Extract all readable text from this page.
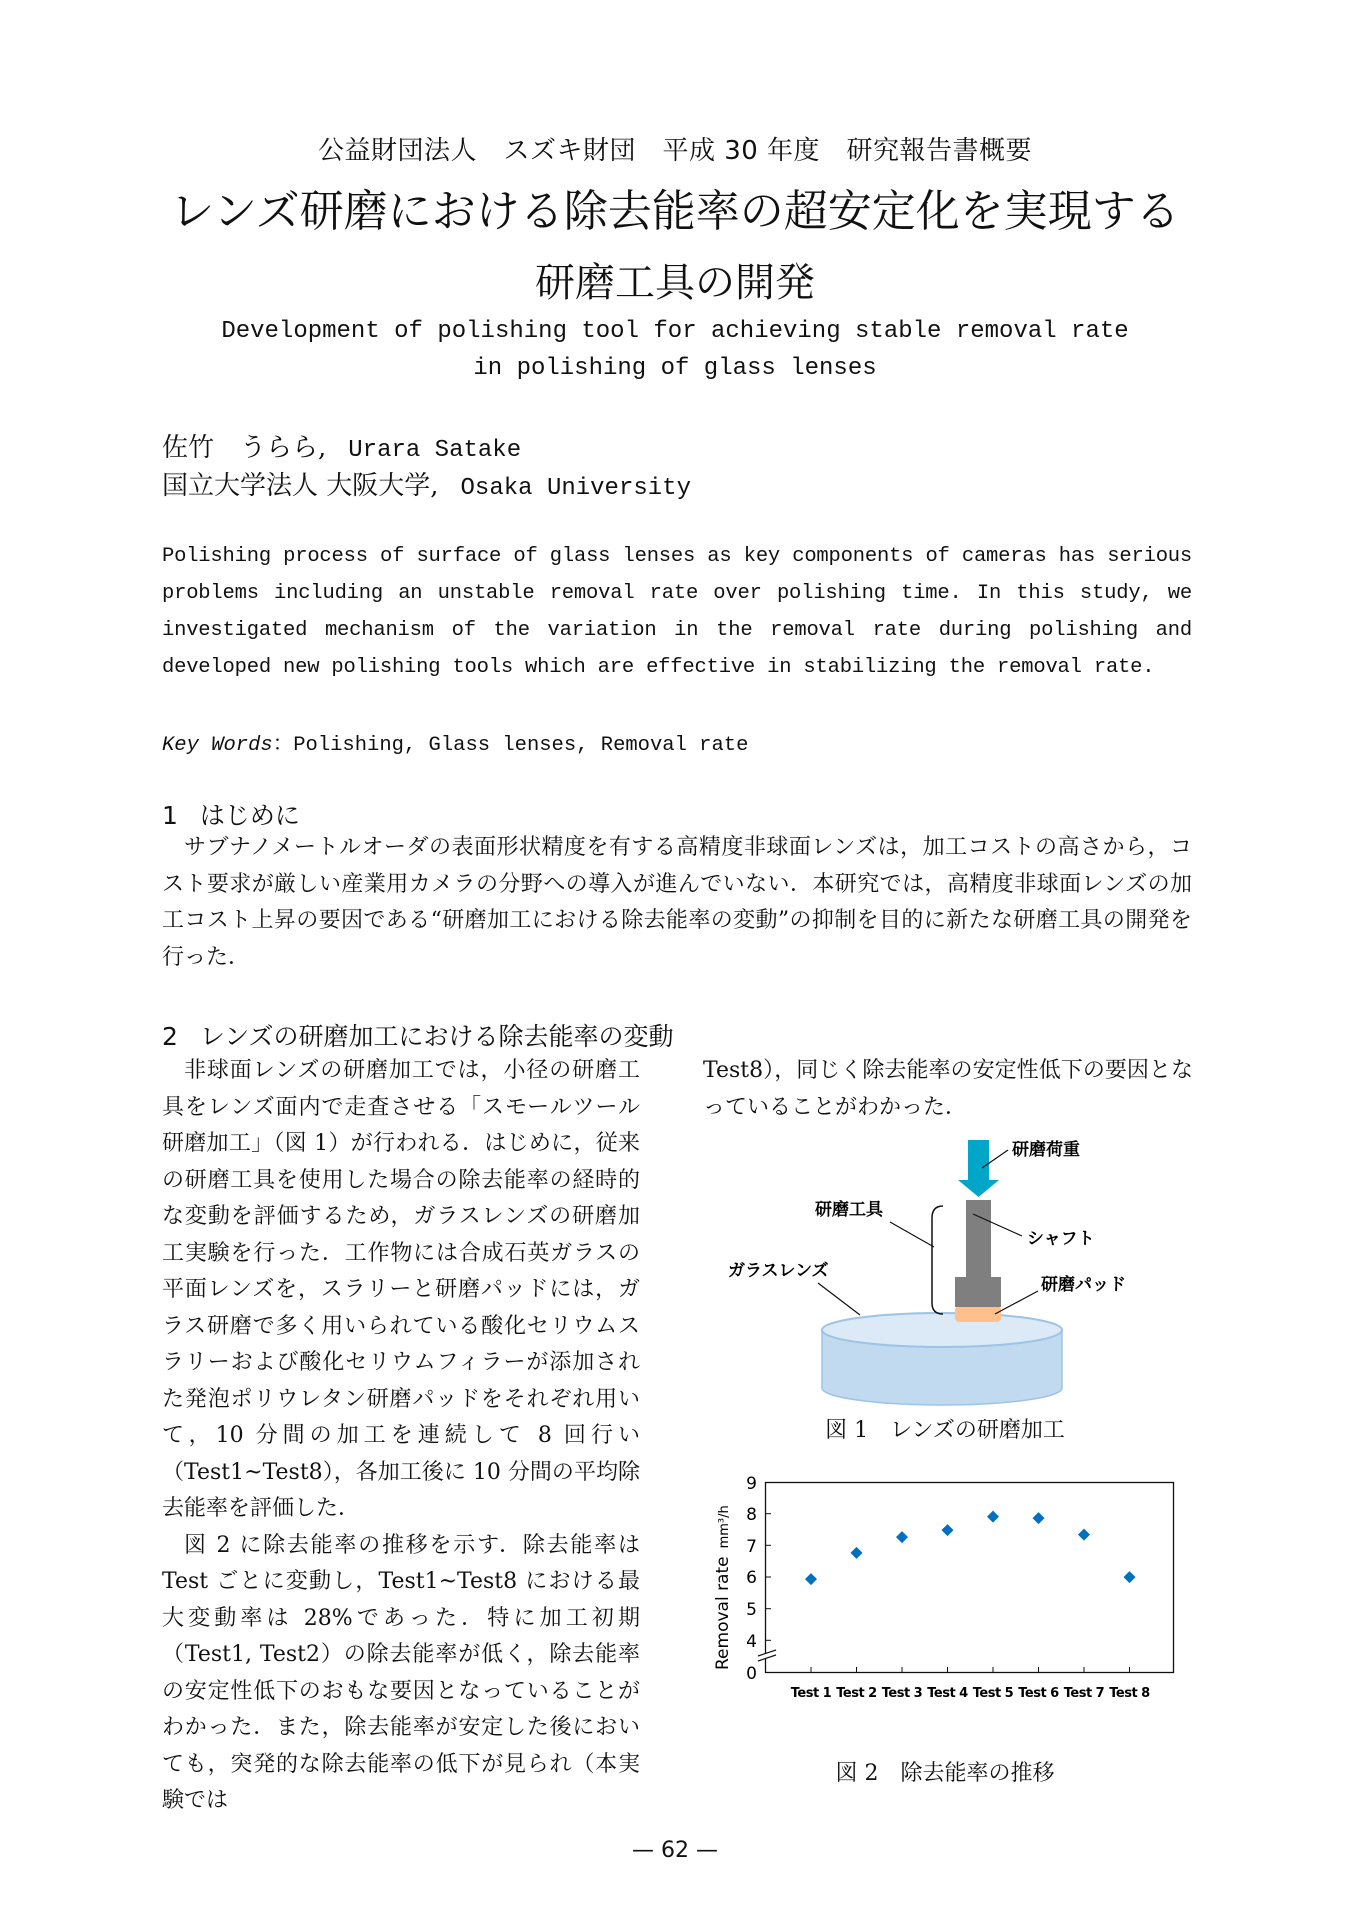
公益財団法人　スズキ財団　平成 30 年度　研究報告書概要
レンズ研磨における除去能率の超安定化を実現する
研磨工具の開発
Development of polishing tool for achieving stable removal rate
in polishing of glass lenses
佐竹　うらら, Urara Satake
国立大学法人 大阪大学, Osaka University
Polishing process of surface of glass lenses as key components of cameras has serious problems including an unstable removal rate over polishing time. In this study, we investigated mechanism of the variation in the removal rate during polishing and developed new polishing tools which are effective in stabilizing the removal rate.
Key Words：Polishing, Glass lenses, Removal rate
1 はじめに
サブナノメートルオーダの表面形状精度を有する高精度非球面レンズは，加工コストの高さから，コスト要求が厳しい産業用カメラの分野への導入が進んでいない．本研究では，高精度非球面レンズの加工コスト上昇の要因である“研磨加工における除去能率の変動”の抑制を目的に新たな研磨工具の開発を行った．
2 レンズの研磨加工における除去能率の変動

非球面レンズの研磨加工では，小径の研磨工具をレンズ面内で走査させる「スモールツール研磨加工」（図 1）が行われる．はじめに，従来の研磨工具を使用した場合の除去能率の経時的な変動を評価するため，ガラスレンズの研磨加工実験を行った．工作物には合成石英ガラスの平面レンズを，スラリーと研磨パッドには，ガラス研磨で多く用いられている酸化セリウムスラリーおよび酸化セリウムフィラーが添加された発泡ポリウレタン研磨パッドをそれぞれ用いて，10 分間の加工を連続して 8 回行い（Test1~Test8），各加工後に 10 分間の平均除去能率を評価した．

図 2 に除去能率の推移を示す．除去能率は Test ごとに変動し，Test1~Test8 における最大変動率は 28%であった．特に加工初期（Test1, Test2）の除去能率が低く，除去能率の安定性低下のおもな要因となっていることがわかった．また，除去能率が安定した後においても，突発的な除去能率の低下が見られ（本実験では

Test8），同じく除去能率の安定性低下の要因となっていることがわかった．

研磨荷重
研磨工具
シャフト
ガラスレンズ
研磨パッド
図 1　レンズの研磨加工
Removal ratemm³/h
0
4
5
6
7
8
9
Test 1 Test 2 Test 3 Test 4 Test 5 Test 6 Test 7 Test 8
図 2　除去能率の推移
— 62 —
